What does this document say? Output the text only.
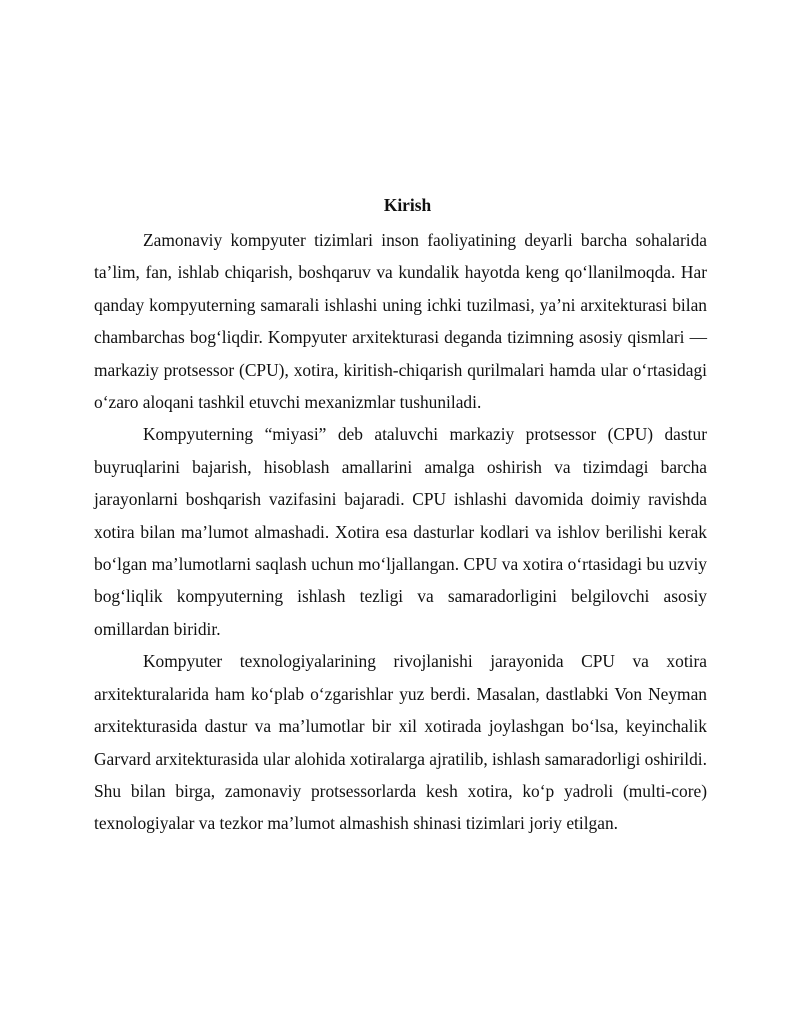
Kirish

Zamonaviy kompyuter tizimlari inson faoliyatining deyarli barcha sohalarida ta’lim, fan, ishlab chiqarish, boshqaruv va kundalik hayotda keng qo‘llanilmoqda. Har qanday kompyuterning samarali ishlashi uning ichki tuzilmasi, ya’ni arxitekturasi bilan chambarchas bog‘liqdir. Kompyuter arxitekturasi deganda tizimning asosiy qismlari — markaziy protsessor (CPU), xotira, kiritish-chiqarish qurilmalari hamda ular o‘rtasidagi o‘zaro aloqani tashkil etuvchi mexanizmlar tushuniladi.

Kompyuterning “miyasi” deb ataluvchi markaziy protsessor (CPU) dastur buyruqlarini bajarish, hisoblash amallarini amalga oshirish va tizimdagi barcha jarayonlarni boshqarish vazifasini bajaradi. CPU ishlashi davomida doimiy ravishda xotira bilan ma’lumot almashadi. Xotira esa dasturlar kodlari va ishlov berilishi kerak bo‘lgan ma’lumotlarni saqlash uchun mo‘ljallangan. CPU va xotira o‘rtasidagi bu uzviy bog‘liqlik kompyuterning ishlash tezligi va samaradorligini belgilovchi asosiy omillardan biridir.

Kompyuter texnologiyalarining rivojlanishi jarayonida CPU va xotira arxitekturalarida ham ko‘plab o‘zgarishlar yuz berdi. Masalan, dastlabki Von Neyman arxitekturasida dastur va ma’lumotlar bir xil xotirada joylashgan bo‘lsa, keyinchalik Garvard arxitekturasida ular alohida xotiralarga ajratilib, ishlash samaradorligi oshirildi. Shu bilan birga, zamonaviy protsessorlarda kesh xotira, ko‘p yadroli (multi-core) texnologiyalar va tezkor ma’lumot almashish shinasi tizimlari joriy etilgan.
